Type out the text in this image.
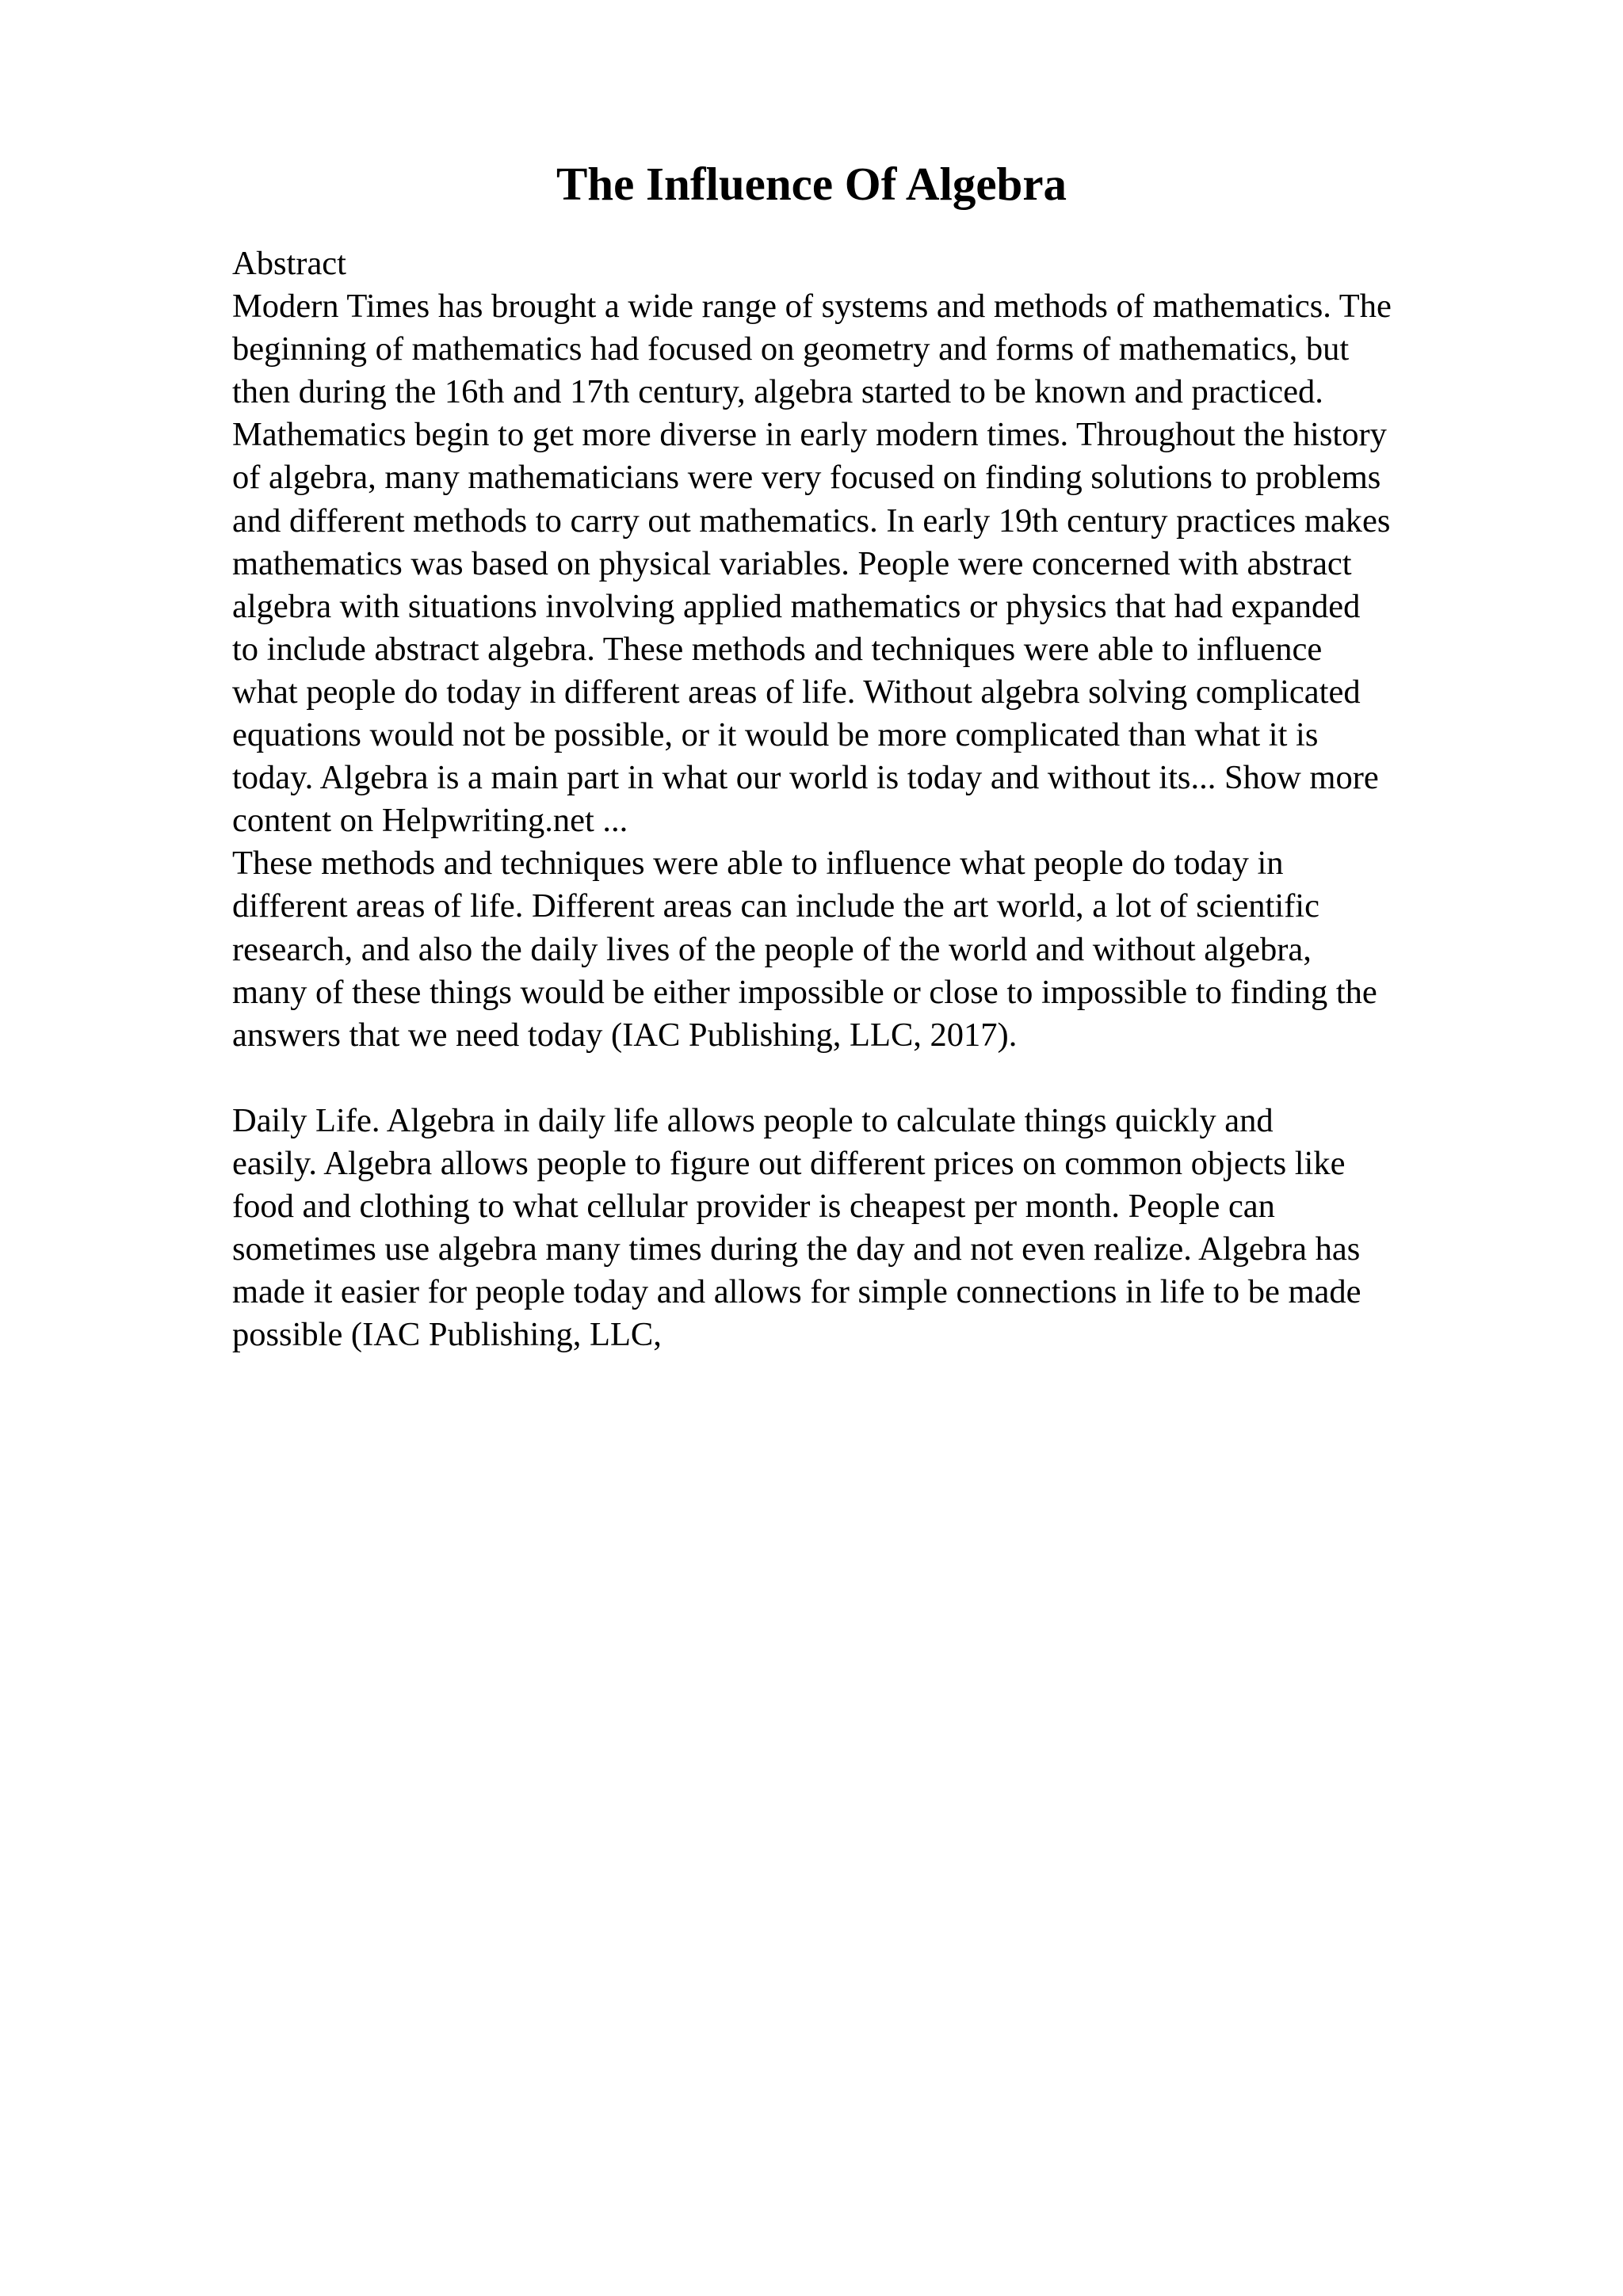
The Influence Of Algebra
Abstract
Modern Times has brought a wide range of systems and methods of mathematics. The
beginning of mathematics had focused on geometry and forms of mathematics, but
then during the 16th and 17th century, algebra started to be known and practiced.
Mathematics begin to get more diverse in early modern times. Throughout the history
of algebra, many mathematicians were very focused on finding solutions to problems
and different methods to carry out mathematics. In early 19th century practices makes
mathematics was based on physical variables. People were concerned with abstract
algebra with situations involving applied mathematics or physics that had expanded
to include abstract algebra. These methods and techniques were able to influence
what people do today in different areas of life. Without algebra solving complicated
equations would not be possible, or it would be more complicated than what it is
today. Algebra is a main part in what our world is today and without its... Show more
content on Helpwriting.net ...
These methods and techniques were able to influence what people do today in
different areas of life. Different areas can include the art world, a lot of scientific
research, and also the daily lives of the people of the world and without algebra,
many of these things would be either impossible or close to impossible to finding the
answers that we need today (IAC Publishing, LLC, 2017).
Daily Life. Algebra in daily life allows people to calculate things quickly and
easily. Algebra allows people to figure out different prices on common objects like
food and clothing to what cellular provider is cheapest per month. People can
sometimes use algebra many times during the day and not even realize. Algebra has
made it easier for people today and allows for simple connections in life to be made
possible (IAC Publishing, LLC,
